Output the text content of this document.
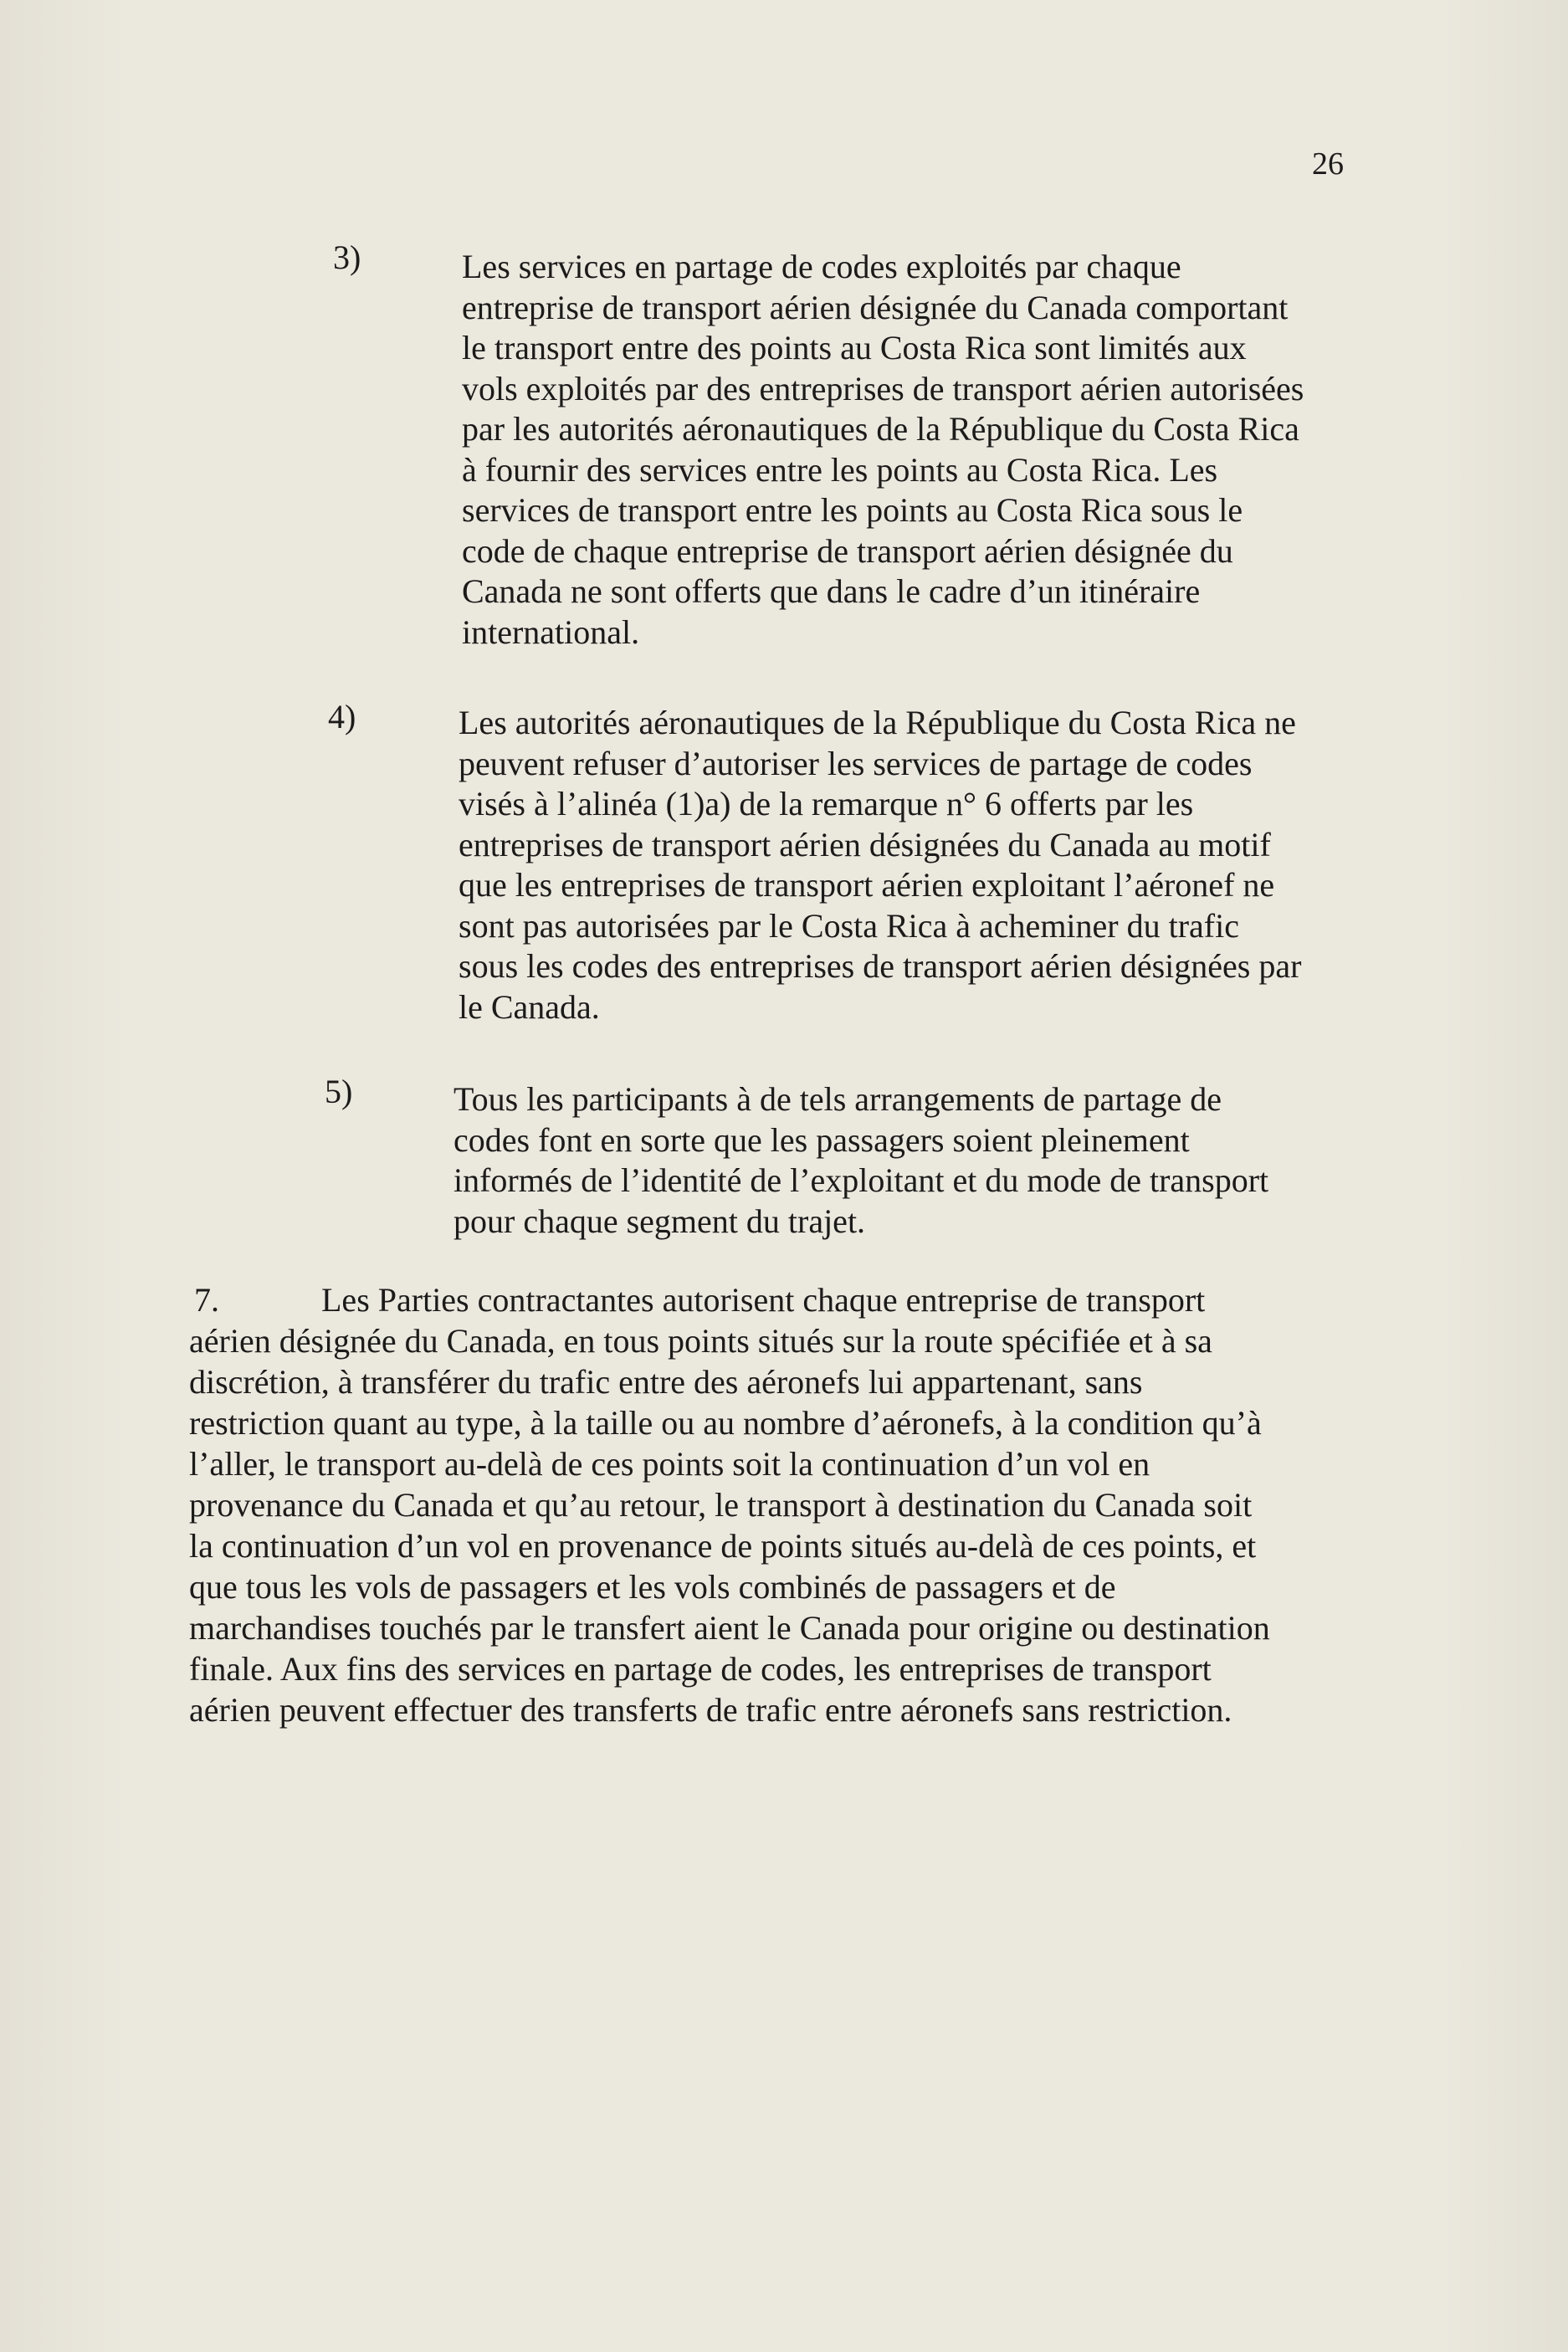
26
3)	Les services en partage de codes exploités par chaque
entreprise de transport aérien désignée du Canada comportant
le transport entre des points au Costa Rica sont limités aux
vols exploités par des entreprises de transport aérien autorisées
par les autorités aéronautiques de la République du Costa Rica
à fournir des services entre les points au Costa Rica. Les
services de transport entre les points au Costa Rica sous le
code de chaque entreprise de transport aérien désignée du
Canada ne sont offerts que dans le cadre d’un itinéraire
international.
4)	Les autorités aéronautiques de la République du Costa Rica ne
peuvent refuser d’autoriser les services de partage de codes
visés à l’alinéa (1)a) de la remarque n° 6 offerts par les
entreprises de transport aérien désignées du Canada au motif
que les entreprises de transport aérien exploitant l’aéronef ne
sont pas autorisées par le Costa Rica à acheminer du trafic
sous les codes des entreprises de transport aérien désignées par
le Canada.
5)	Tous les participants à de tels arrangements de partage de
codes font en sorte que les passagers soient pleinement
informés de l’identité de l’exploitant et du mode de transport
pour chaque segment du trajet.
7.	Les Parties contractantes autorisent chaque entreprise de transport
aérien désignée du Canada, en tous points situés sur la route spécifiée et à sa
discrétion, à transférer du trafic entre des aéronefs lui appartenant, sans
restriction quant au type, à la taille ou au nombre d’aéronefs, à la condition qu’à
l’aller, le transport au-delà de ces points soit la continuation d’un vol en
provenance du Canada et qu’au retour, le transport à destination du Canada soit
la continuation d’un vol en provenance de points situés au-delà de ces points, et
que tous les vols de passagers et les vols combinés de passagers et de
marchandises touchés par le transfert aient le Canada pour origine ou destination
finale. Aux fins des services en partage de codes, les entreprises de transport
aérien peuvent effectuer des transferts de trafic entre aéronefs sans restriction.
